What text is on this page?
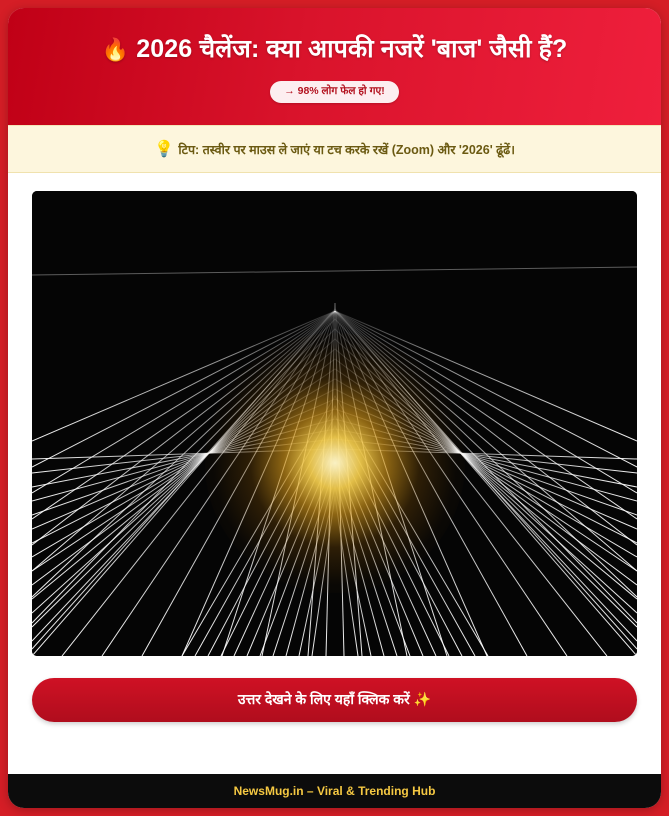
🔥 2026 चैलेंज: क्या आपकी नजरें 'बाज' जैसी हैं?
→ 98% लोग फेल हो गए!
💡 टिप: तस्वीर पर माउस ले जाएं या टच करके रखें (Zoom) और '2026' ढूंढें।
उत्तर देखने के लिए यहाँ क्लिक करें ✨
NewsMug.in – Viral & Trending Hub
